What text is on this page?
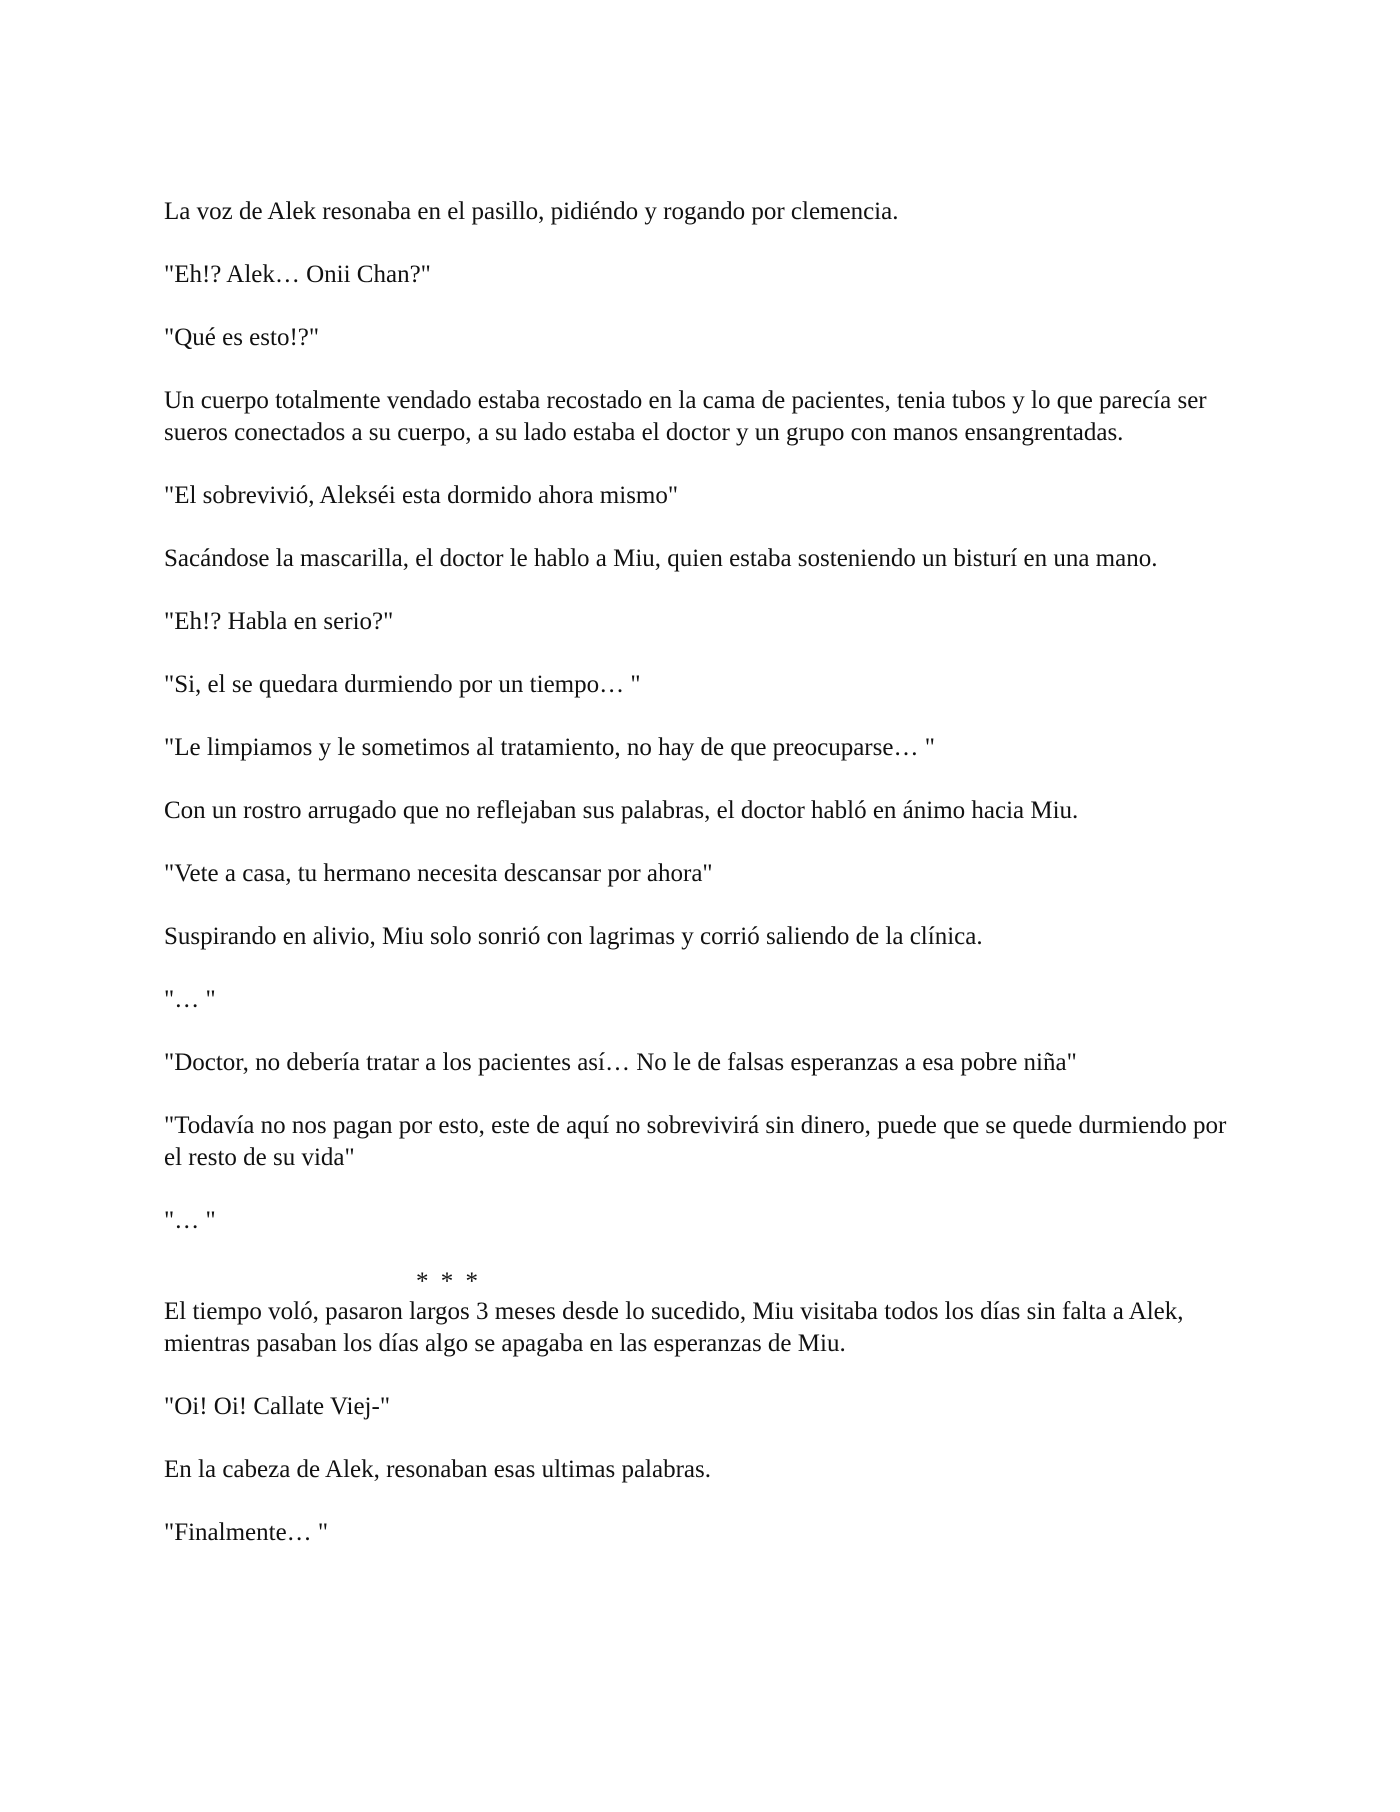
La voz de Alek resonaba en el pasillo, pidiéndo y rogando por clemencia.

"Eh!? Alek… Onii Chan?"

"Qué es esto!?"

Un cuerpo totalmente vendado estaba recostado en la cama de pacientes, tenia tubos y lo que parecía ser sueros conectados a su cuerpo, a su lado estaba el doctor y un grupo con manos ensangrentadas.

"El sobrevivió, Alekséi esta dormido ahora mismo"

Sacándose la mascarilla, el doctor le hablo a Miu, quien estaba sosteniendo un bisturí en una mano.

"Eh!? Habla en serio?"

"Si, el se quedara durmiendo por un tiempo… "

"Le limpiamos y le sometimos al tratamiento, no hay de que preocuparse… "

Con un rostro arrugado que no reflejaban sus palabras, el doctor habló en ánimo hacia Miu.

"Vete a casa, tu hermano necesita descansar por ahora"

Suspirando en alivio, Miu solo sonrió con lagrimas y corrió saliendo de la clínica.

"… "

"Doctor, no debería tratar a los pacientes así… No le de falsas esperanzas a esa pobre niña"

"Todavía no nos pagan por esto, este de aquí no sobrevivirá sin dinero, puede que se quede durmiendo por el resto de su vida"

"… "

* * *

El tiempo voló, pasaron largos 3 meses desde lo sucedido, Miu visitaba todos los días sin falta a Alek, mientras pasaban los días algo se apagaba en las esperanzas de Miu.

"Oi! Oi! Callate Viej-"

En la cabeza de Alek, resonaban esas ultimas palabras.

"Finalmente… "
